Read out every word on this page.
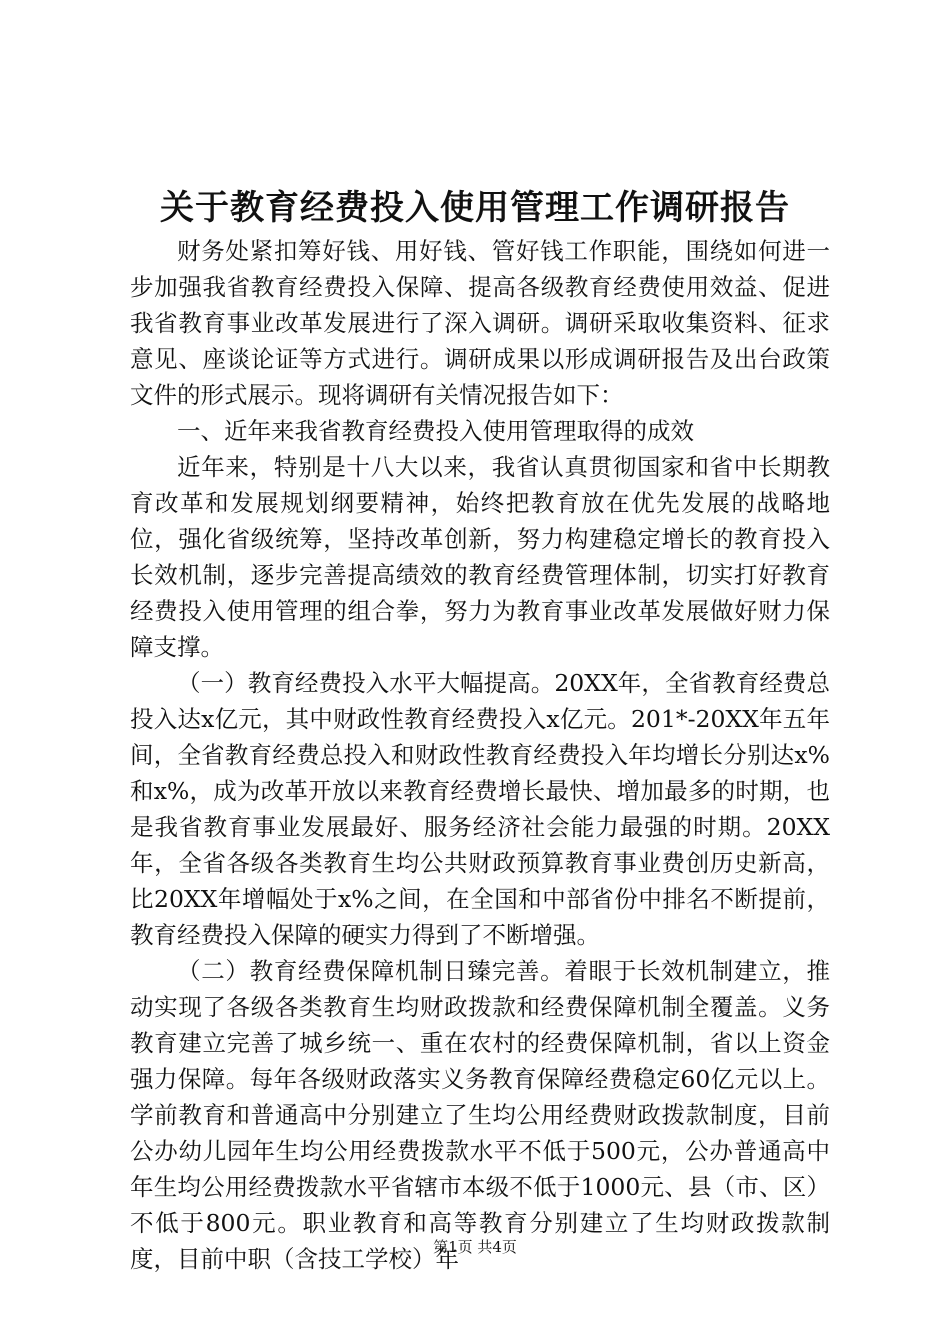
关于教育经费投入使用管理工作调研报告

财务处紧扣筹好钱、用好钱、管好钱工作职能，围绕如何进一步加强我省教育经费投入保障、提高各级教育经费使用效益、促进我省教育事业改革发展进行了深入调研。调研采取收集资料、征求意见、座谈论证等方式进行。调研成果以形成调研报告及出台政策文件的形式展示。现将调研有关情况报告如下：

一、近年来我省教育经费投入使用管理取得的成效

近年来，特别是十八大以来，我省认真贯彻国家和省中长期教育改革和发展规划纲要精神，始终把教育放在优先发展的战略地位，强化省级统筹，坚持改革创新，努力构建稳定增长的教育投入长效机制，逐步完善提高绩效的教育经费管理体制，切实打好教育经费投入使用管理的组合拳，努力为教育事业改革发展做好财力保障支撑。

（一）教育经费投入水平大幅提高。20XX年，全省教育经费总投入达x亿元，其中财政性教育经费投入x亿元。201*-20XX年五年间，全省教育经费总投入和财政性教育经费投入年均增长分别达x%和x%，成为改革开放以来教育经费增长最快、增加最多的时期，也是我省教育事业发展最好、服务经济社会能力最强的时期。20XX年，全省各级各类教育生均公共财政预算教育事业费创历史新高，比20XX年增幅处于x%之间，在全国和中部省份中排名不断提前，教育经费投入保障的硬实力得到了不断增强。

（二）教育经费保障机制日臻完善。着眼于长效机制建立，推动实现了各级各类教育生均财政拨款和经费保障机制全覆盖。义务教育建立完善了城乡统一、重在农村的经费保障机制，省以上资金强力保障。每年各级财政落实义务教育保障经费稳定60亿元以上。学前教育和普通高中分别建立了生均公用经费财政拨款制度，目前公办幼儿园年生均公用经费拨款水平不低于500元，公办普通高中年生均公用经费拨款水平省辖市本级不低于1000元、县（市、区）不低于800元。职业教育和高等教育分别建立了生均财政拨款制度，目前中职（含技工学校）年

第1页 共4页
